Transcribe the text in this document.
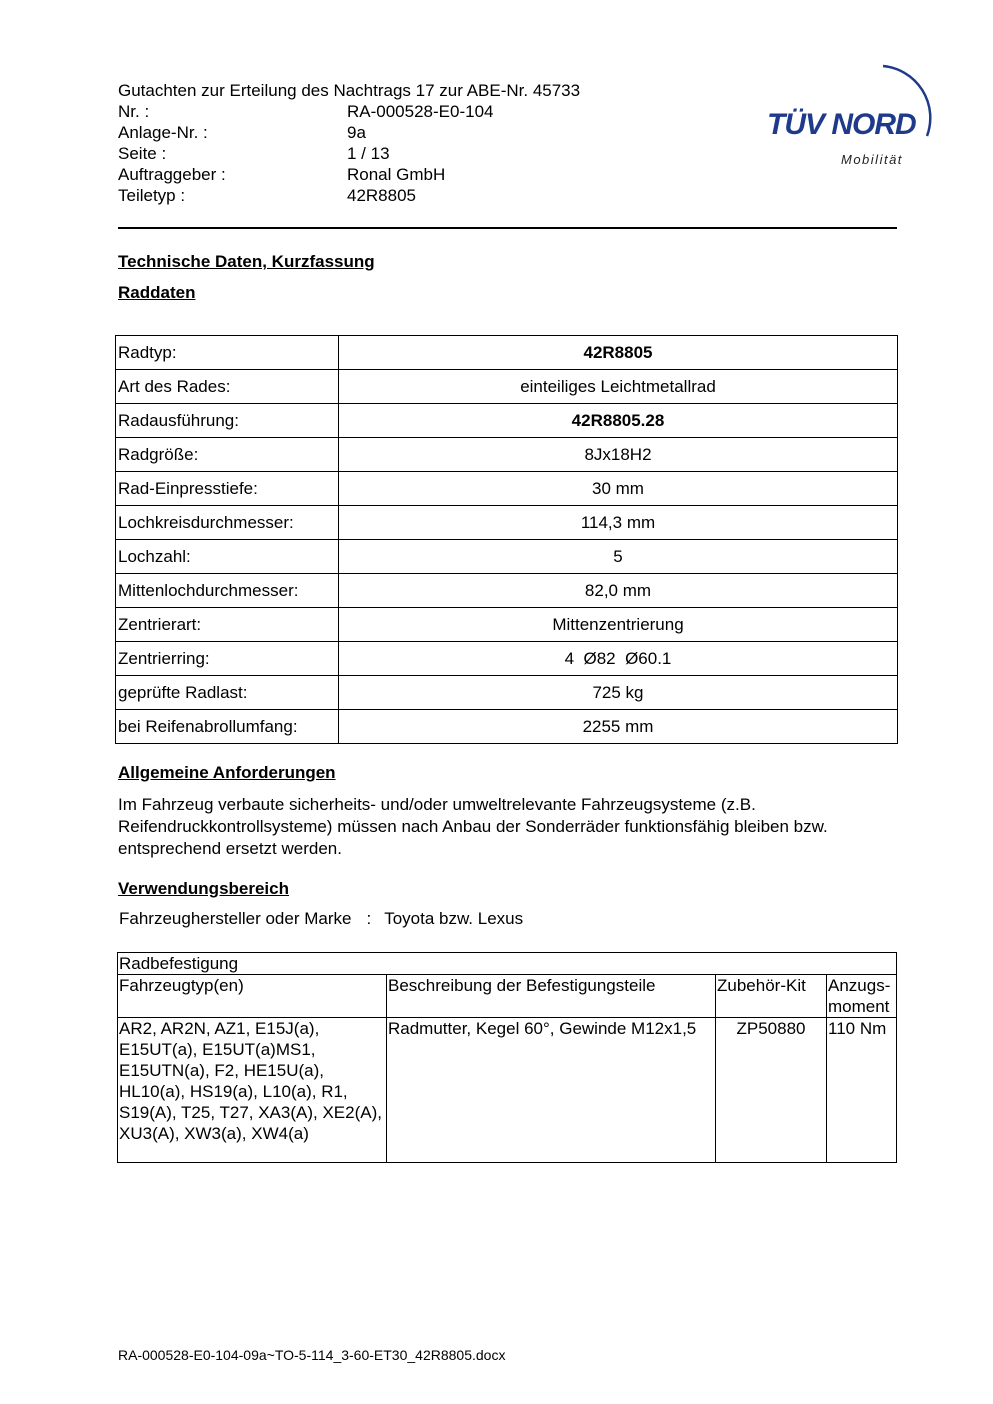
Gutachten zur Erteilung des Nachtrags 17 zur ABE-Nr. 45733
Nr. :	RA-000528-E0-104
Anlage-Nr. :	9a
Seite :	1 / 13
Auftraggeber :	Ronal GmbH
Teiletyp :	42R8805
TÜV NORD
Mobilität
Technische Daten, Kurzfassung
Raddaten
Radtyp:	42R8805
Art des Rades:	einteiliges Leichtmetallrad
Radausführung:	42R8805.28
Radgröße:	8Jx18H2
Rad-Einpresstiefe:	30 mm
Lochkreisdurchmesser:	114,3 mm
Lochzahl:	5
Mittenlochdurchmesser:	82,0 mm
Zentrierart:	Mittenzentrierung
Zentrierring:	4  Ø82  Ø60.1
geprüfte Radlast:	725 kg
bei Reifenabrollumfang:	2255 mm
Allgemeine Anforderungen
Im Fahrzeug verbaute sicherheits- und/oder umweltrelevante Fahrzeugsysteme (z.B. Reifendruckkontrollsysteme) müssen nach Anbau der Sonderräder funktionsfähig bleiben bzw. entsprechend ersetzt werden.
Verwendungsbereich
Fahrzeughersteller oder Marke : Toyota bzw. Lexus
Radbefestigung			
Fahrzeugtyp(en)	Beschreibung der Befestigungsteile	Zubehör-Kit	Anzugs-moment
AR2, AR2N, AZ1, E15J(a), E15UT(a), E15UT(a)MS1, E15UTN(a), F2, HE15U(a), HL10(a), HS19(a), L10(a), R1, S19(A), T25, T27, XA3(A), XE2(A), XU3(A), XW3(a), XW4(a)	Radmutter, Kegel 60°, Gewinde M12x1,5	ZP50880	110 Nm
RA-000528-E0-104-09a~TO-5-114_3-60-ET30_42R8805.docx
